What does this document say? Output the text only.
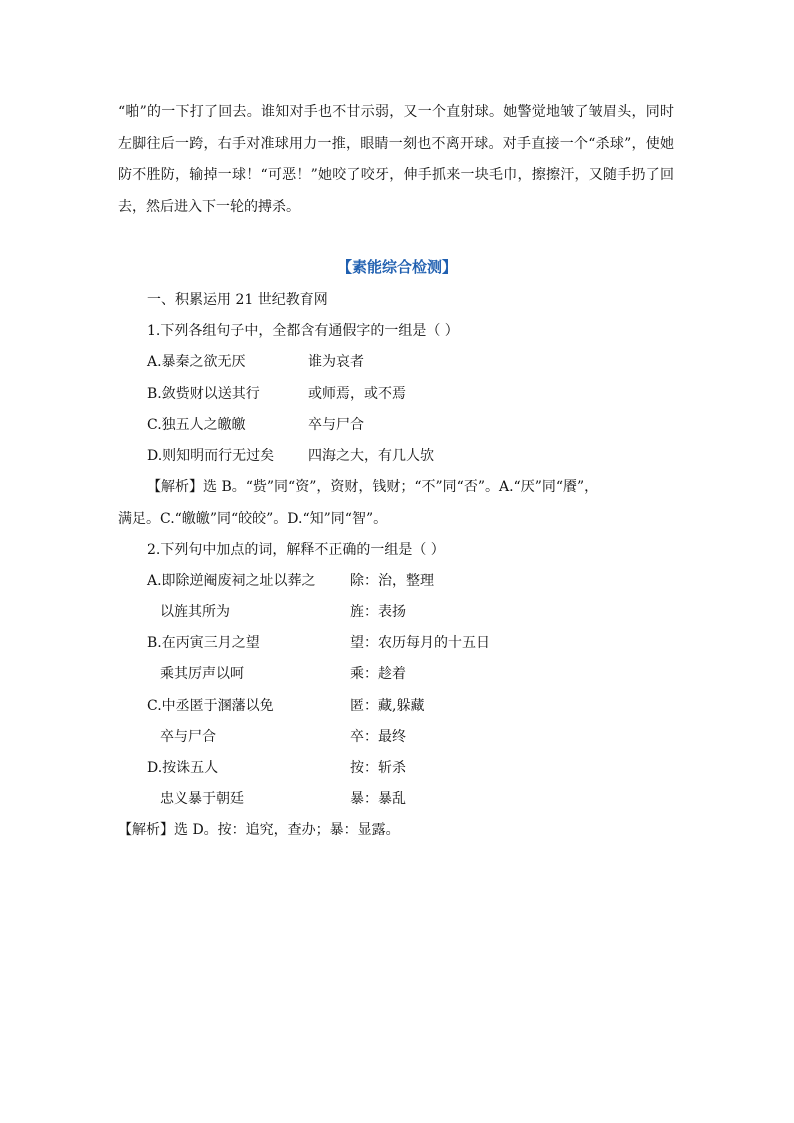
“啪”的一下打了回去。谁知对手也不甘示弱，又一个直射球。她警觉地皱了皱眉头，同时
左脚往后一跨，右手对准球用力一推，眼睛一刻也不离开球。对手直接一个“杀球”，使她
防不胜防，输掉一球！“可恶！”她咬了咬牙，伸手抓来一块毛巾，擦擦汗，又随手扔了回
去，然后进入下一轮的搏杀。
【素能综合检测】
一、积累运用 21 世纪教育网
1.下列各组句子中，全都含有通假字的一组是（ ）
A.暴秦之欲无厌	谁为哀者
B.敛赀财以送其行	或师焉，或不焉
C.独五人之皦皦	卒与尸合
D.则知明而行无过矣 四海之大，有几人欤
【解析】选 B。“赀”同“资”，资财，钱财；“不”同“否”。A.“厌”同“餍”，
满足。C.“皦皦”同“皎皎”。D.“知”同“智”。
2.下列句中加点的词，解释不正确的一组是（ ）
A.即除逆阉废祠之址以葬之 除：治，整理
以旌其所为	旌：表扬
B.在丙寅三月之望	望：农历每月的十五日
乘其厉声以呵	乘：趁着
C.中丞匿于溷藩以免	匿：藏,躲藏
卒与尸合	卒：最终
D.按诛五人	按：斩杀
忠义暴于朝廷	暴：暴乱
【解析】选 D。按：追究，查办；暴：显露。
